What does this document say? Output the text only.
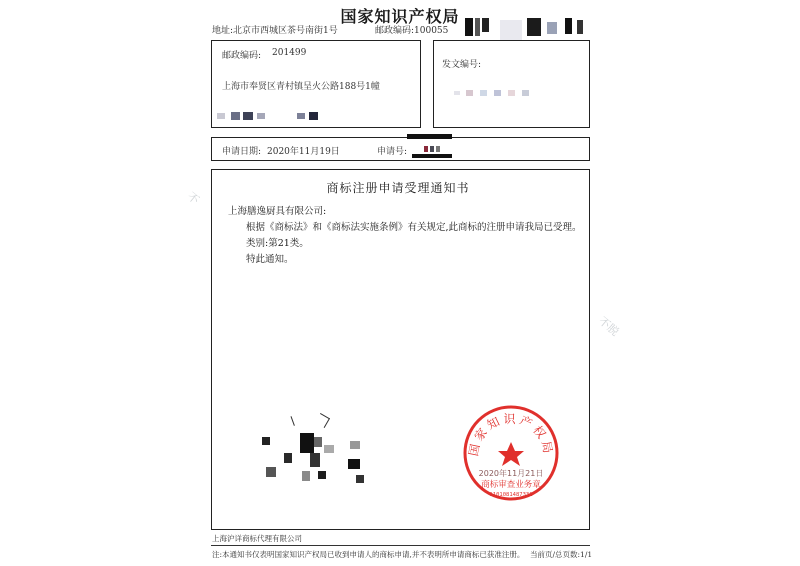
国家知识产权局
地址:北京市西城区茶号南街1号	邮政编码:100055
邮政编码: 201499
上海市奉贤区青村镇呈火公路188号1幢
发文编号:
申请日期: 2020年11月19日	申请号:
商标注册申请受理通知书
上海膳逸厨具有限公司:
根据《商标法》和《商标法实施条例》有关规定,此商标的注册申请我局已受理。
类别:第21类。
特此通知。
国家知识产权局
2020年11月21日
商标审查业务章
1101081487331
上海沪详商标代理有限公司
注:本通知书仅表明国家知识产权局已收到申请人的商标申请,并不表明所申请商标已获准注册。 当前页/总页数:1/1
不
不脱
